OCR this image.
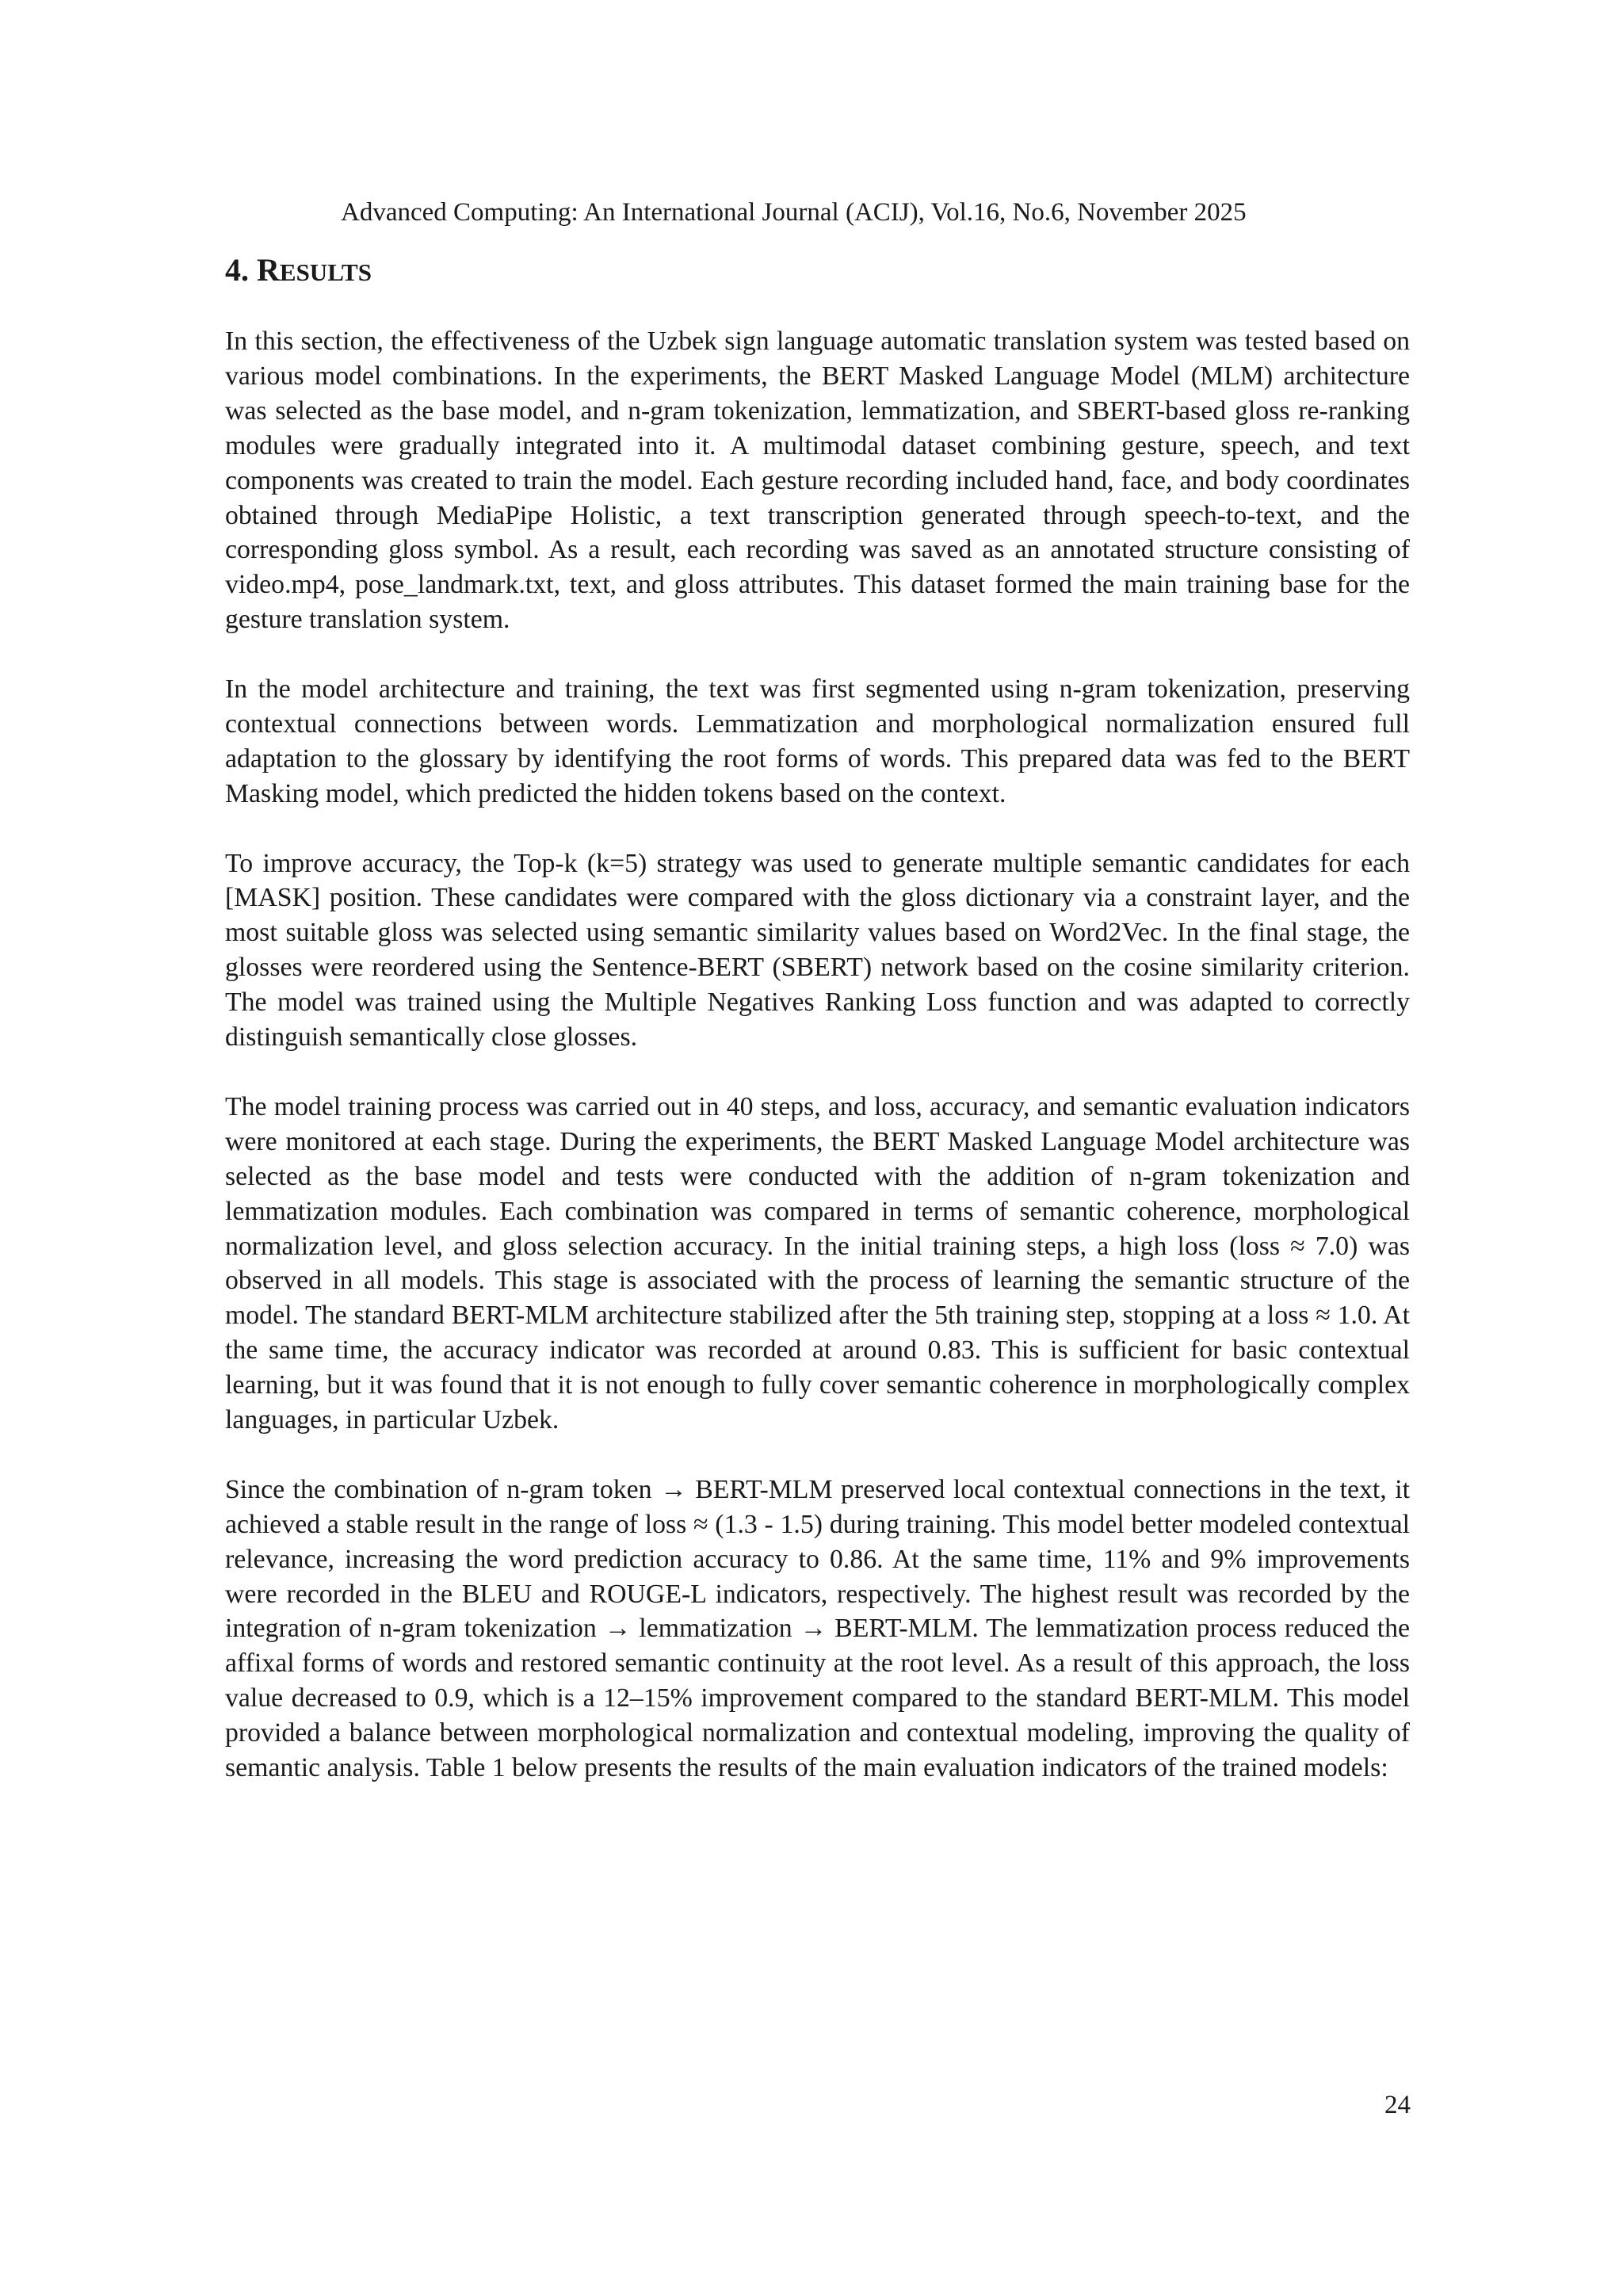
Advanced Computing: An International Journal (ACIJ), Vol.16, No.6, November 2025
4. RESULTS

In this section, the effectiveness of the Uzbek sign language automatic translation system was tested based on various model combinations. In the experiments, the BERT Masked Language Model (MLM) architecture was selected as the base model, and n-gram tokenization, lemmatization, and SBERT-based gloss re-ranking modules were gradually integrated into it. A multimodal dataset combining gesture, speech, and text components was created to train the model. Each gesture recording included hand, face, and body coordinates obtained through MediaPipe Holistic, a text transcription generated through speech-to-text, and the corresponding gloss symbol. As a result, each recording was saved as an annotated structure consisting of video.mp4, pose_landmark.txt, text, and gloss attributes. This dataset formed the main training base for the gesture translation system.

In the model architecture and training, the text was first segmented using n-gram tokenization, preserving contextual connections between words. Lemmatization and morphological normalization ensured full adaptation to the glossary by identifying the root forms of words. This prepared data was fed to the BERT Masking model, which predicted the hidden tokens based on the context.

To improve accuracy, the Top-k (k=5) strategy was used to generate multiple semantic candidates for each [MASK] position. These candidates were compared with the gloss dictionary via a constraint layer, and the most suitable gloss was selected using semantic similarity values based on Word2Vec. In the final stage, the glosses were reordered using the Sentence-BERT (SBERT) network based on the cosine similarity criterion. The model was trained using the Multiple Negatives Ranking Loss function and was adapted to correctly distinguish semantically close glosses.

The model training process was carried out in 40 steps, and loss, accuracy, and semantic evaluation indicators were monitored at each stage. During the experiments, the BERT Masked Language Model architecture was selected as the base model and tests were conducted with the addition of n-gram tokenization and lemmatization modules. Each combination was compared in terms of semantic coherence, morphological normalization level, and gloss selection accuracy. In the initial training steps, a high loss (loss ≈ 7.0) was observed in all models. This stage is associated with the process of learning the semantic structure of the model. The standard BERT-MLM architecture stabilized after the 5th training step, stopping at a loss ≈ 1.0. At the same time, the accuracy indicator was recorded at around 0.83. This is sufficient for basic contextual learning, but it was found that it is not enough to fully cover semantic coherence in morphologically complex languages, in particular Uzbek.

Since the combination of n-gram token → BERT-MLM preserved local contextual connections in the text, it achieved a stable result in the range of loss ≈ (1.3 - 1.5) during training. This model better modeled contextual relevance, increasing the word prediction accuracy to 0.86. At the same time, 11% and 9% improvements were recorded in the BLEU and ROUGE-L indicators, respectively. The highest result was recorded by the integration of n-gram tokenization → lemmatization → BERT-MLM. The lemmatization process reduced the affixal forms of words and restored semantic continuity at the root level. As a result of this approach, the loss value decreased to 0.9, which is a 12–15% improvement compared to the standard BERT-MLM. This model provided a balance between morphological normalization and contextual modeling, improving the quality of semantic analysis. Table 1 below presents the results of the main evaluation indicators of the trained models:

24
